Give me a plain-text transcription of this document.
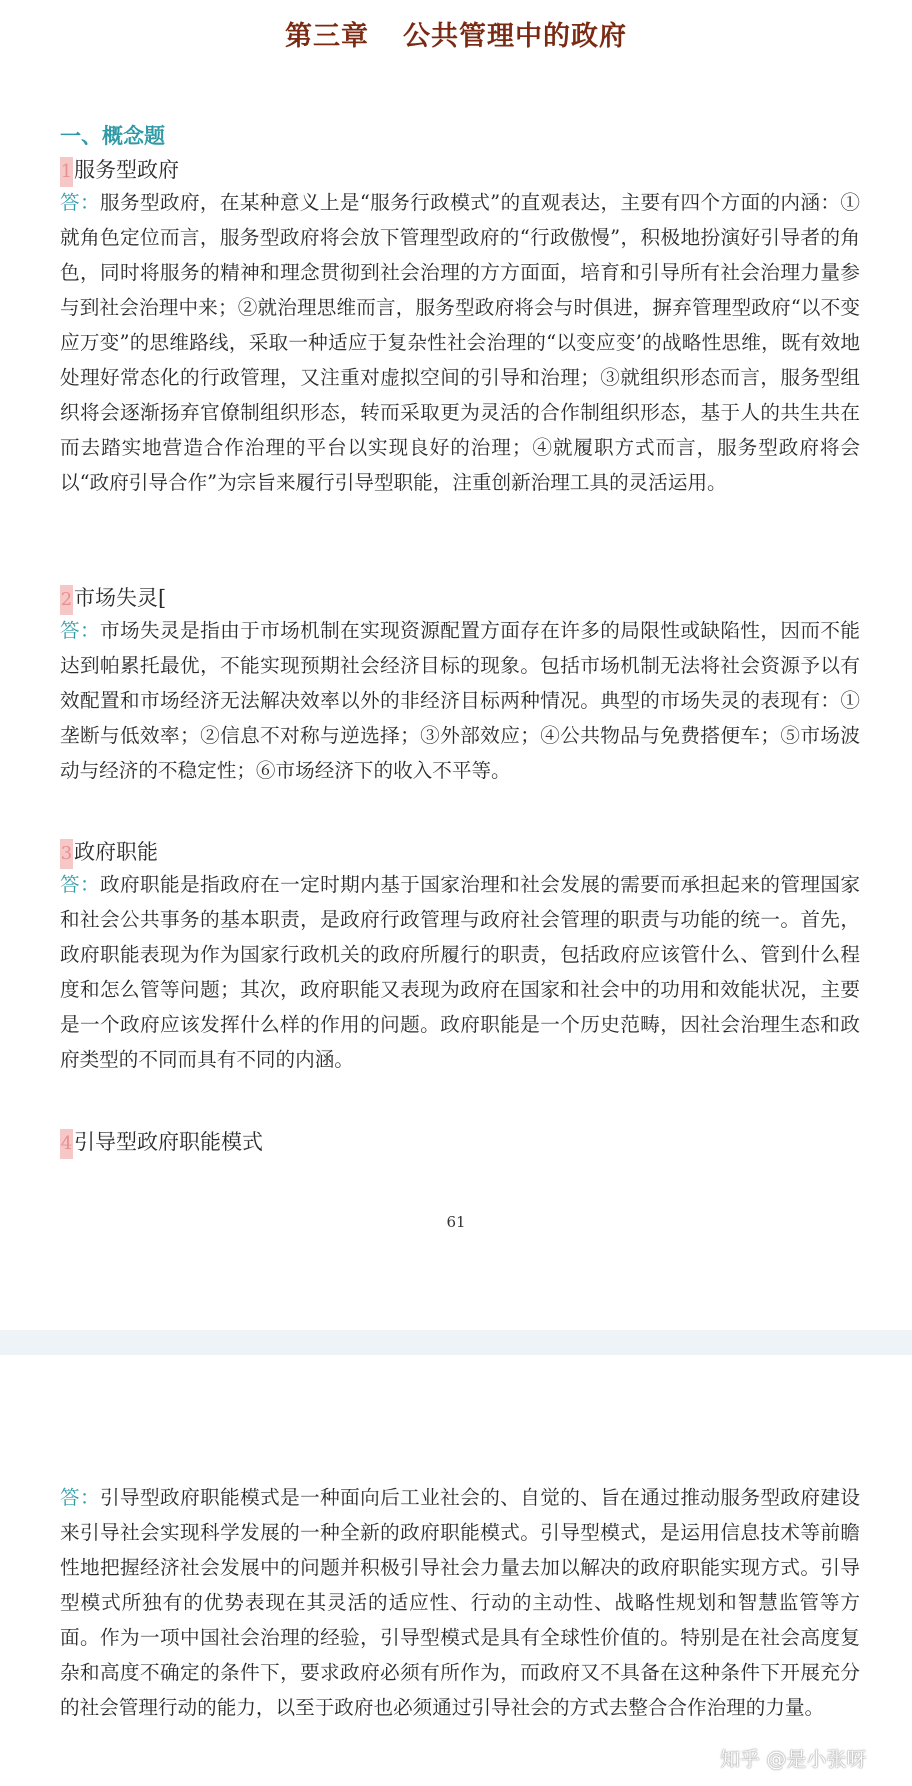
第三章 公共管理中的政府
一、概念题
1服务型政府

答：服务型政府，在某种意义上是“服务行政模式”的直观表达，主要有四个方面的内涵：①就角色定位而言，服务型政府将会放下管理型政府的“行政傲慢”，积极地扮演好引导者的角色，同时将服务的精神和理念贯彻到社会治理的方方面面，培育和引导所有社会治理力量参与到社会治理中来；②就治理思维而言，服务型政府将会与时俱进，摒弃管理型政府“以不变应万变”的思维路线，采取一种适应于复杂性社会治理的“以变应变’的战略性思维，既有效地处理好常态化的行政管理，又注重对虚拟空间的引导和治理；③就组织形态而言，服务型组织将会逐渐扬弃官僚制组织形态，转而采取更为灵活的合作制组织形态，基于人的共生共在而去踏实地营造合作治理的平台以实现良好的治理；④就履职方式而言，服务型政府将会以“政府引导合作”为宗旨来履行引导型职能，注重创新治理工具的灵活运用。

2市场失灵[

答：市场失灵是指由于市场机制在实现资源配置方面存在许多的局限性或缺陷性，因而不能达到帕累托最优，不能实现预期社会经济目标的现象。包括市场机制无法将社会资源予以有效配置和市场经济无法解决效率以外的非经济目标两种情况。典型的市场失灵的表现有：①垄断与低效率；②信息不对称与逆选择；③外部效应；④公共物品与免费搭便车；⑤市场波动与经济的不稳定性；⑥市场经济下的收入不平等。

3政府职能

答：政府职能是指政府在一定时期内基于国家治理和社会发展的需要而承担起来的管理国家和社会公共事务的基本职责，是政府行政管理与政府社会管理的职责与功能的统一。首先，政府职能表现为作为国家行政机关的政府所履行的职责，包括政府应该管什么、管到什么程度和怎么管等问题；其次，政府职能又表现为政府在国家和社会中的功用和效能状况，主要是一个政府应该发挥什么样的作用的问题。政府职能是一个历史范畴，因社会治理生态和政府类型的不同而具有不同的内涵。

4引导型政府职能模式
61

答：引导型政府职能模式是一种面向后工业社会的、自觉的、旨在通过推动服务型政府建设来引导社会实现科学发展的一种全新的政府职能模式。引导型模式，是运用信息技术等前瞻性地把握经济社会发展中的问题并积极引导社会力量去加以解决的政府职能实现方式。引导型模式所独有的优势表现在其灵活的适应性、行动的主动性、战略性规划和智慧监管等方面。作为一项中国社会治理的经验，引导型模式是具有全球性价值的。特别是在社会高度复杂和高度不确定的条件下，要求政府必须有所作为，而政府又不具备在这种条件下开展充分的社会管理行动的能力，以至于政府也必须通过引导社会的方式去整合合作治理的力量。

知乎 @是小张呀
